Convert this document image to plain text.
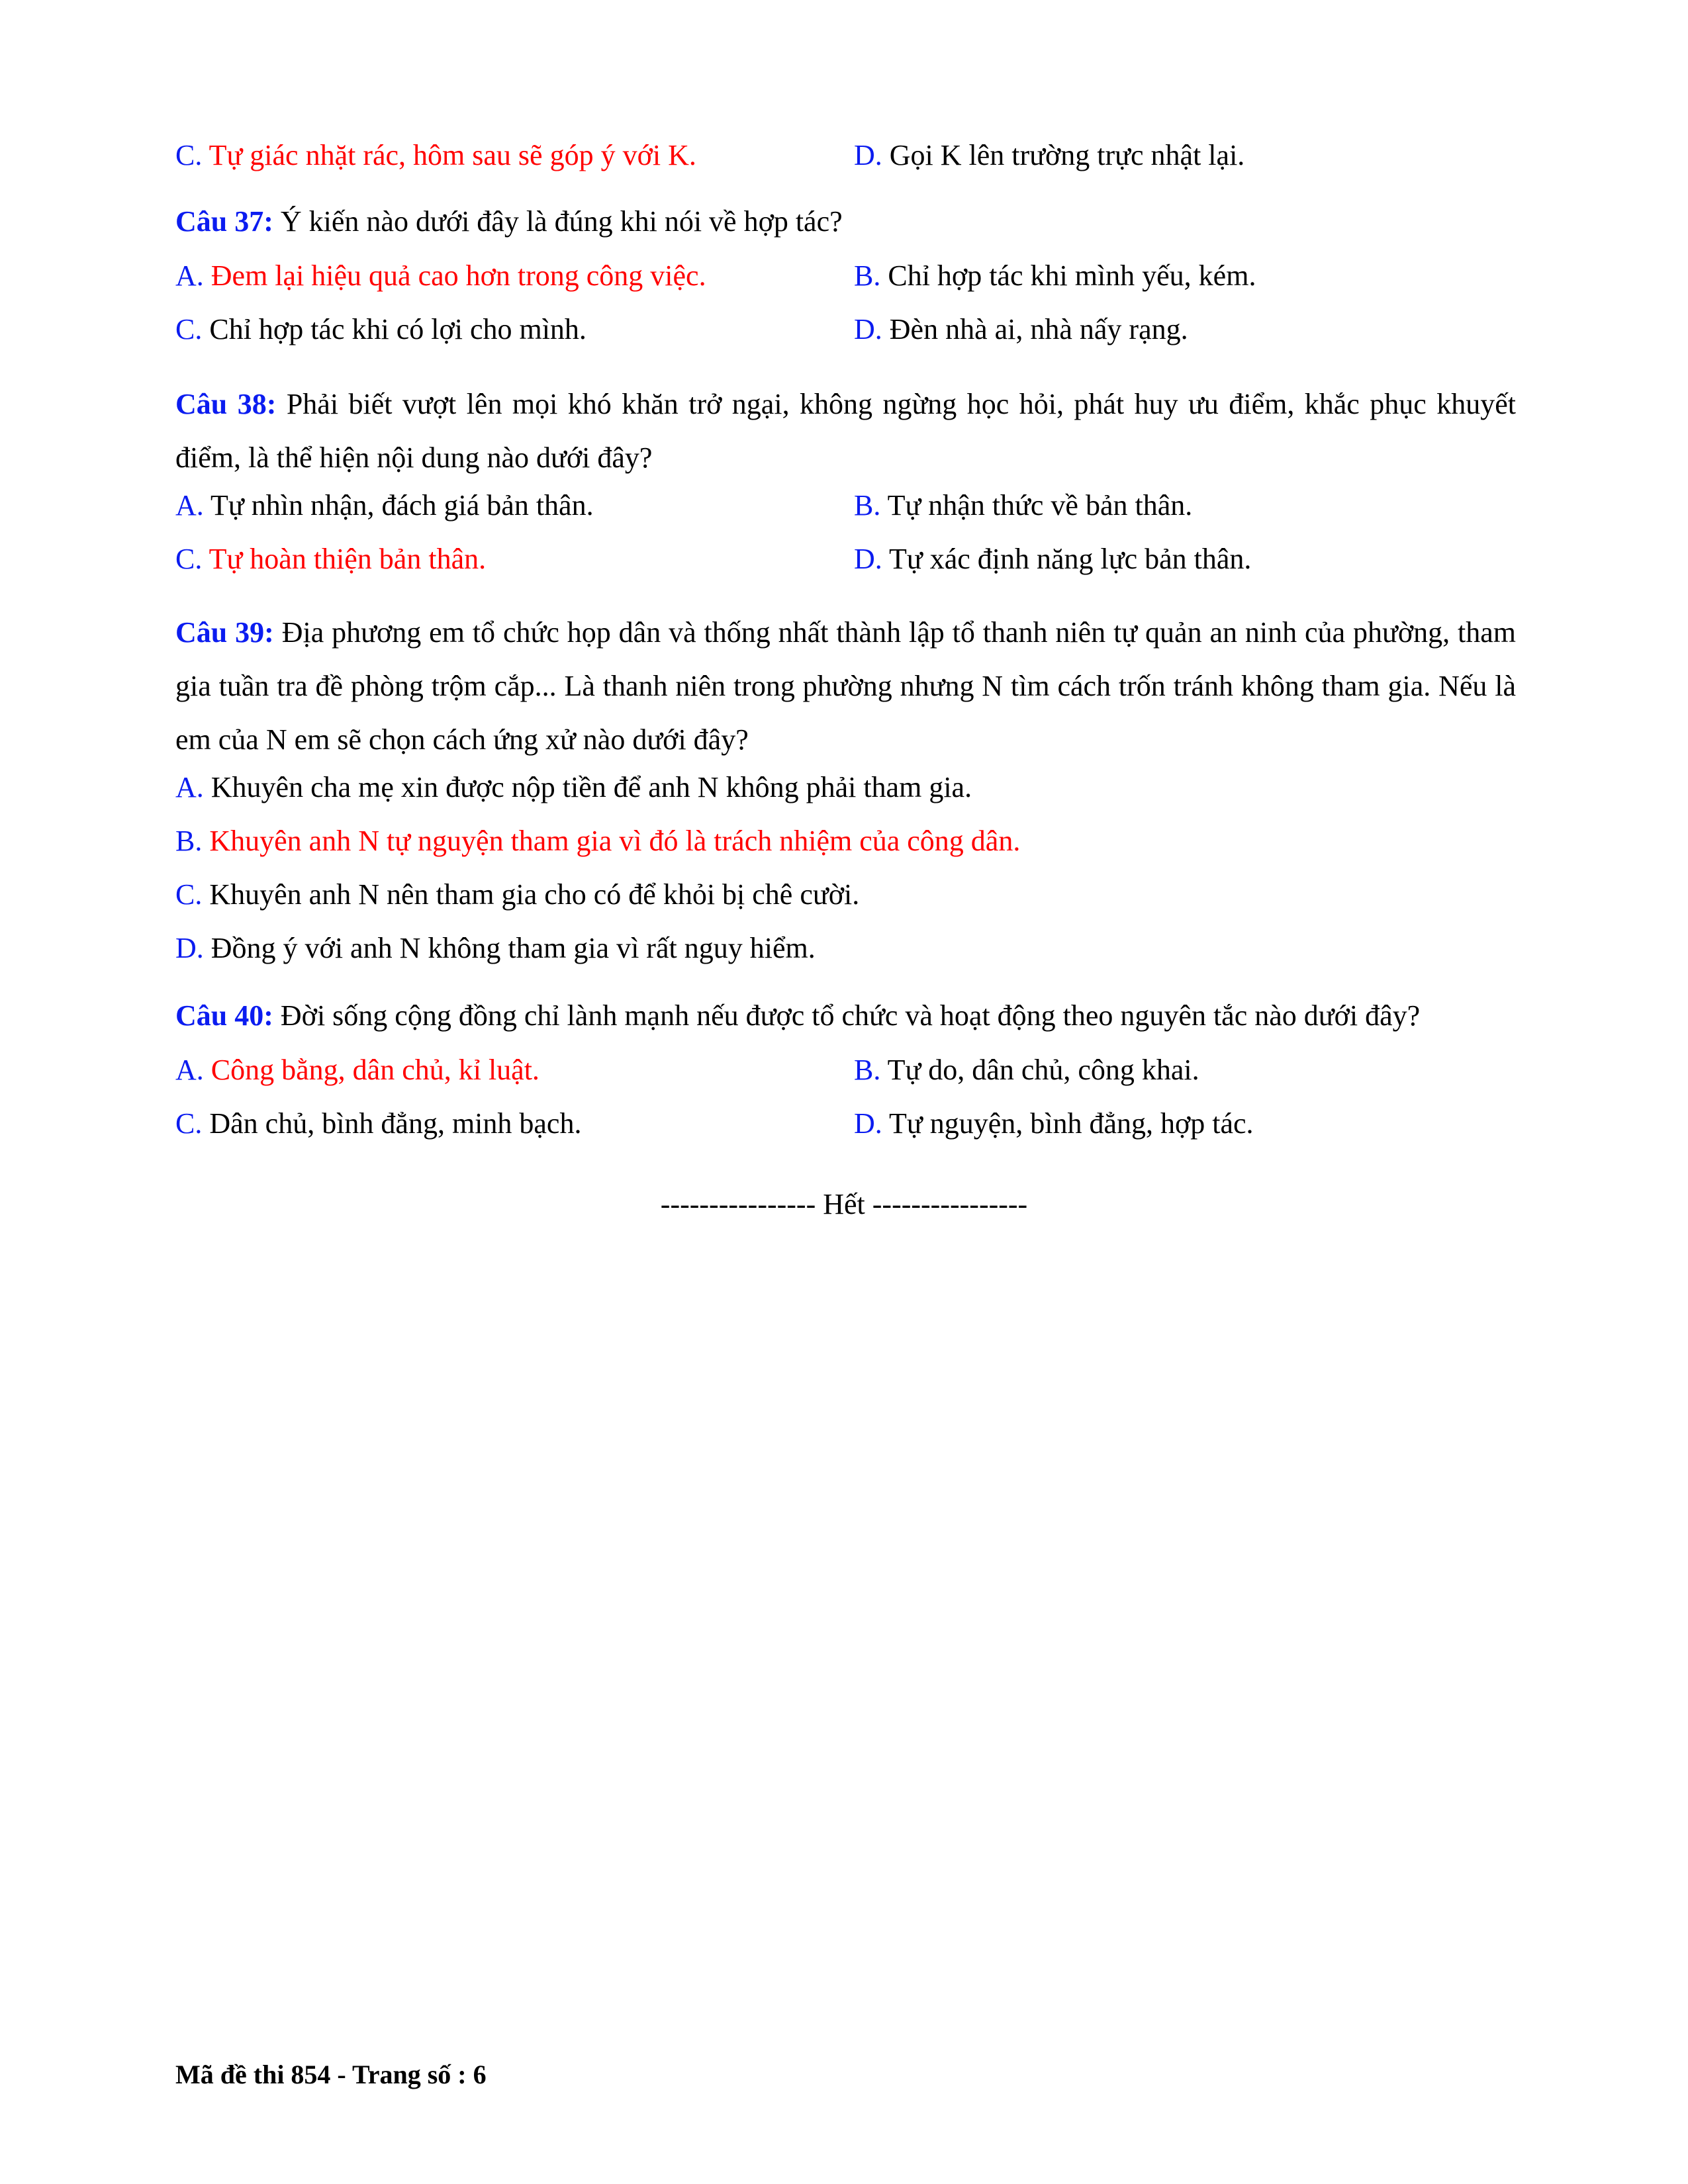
C. Tự giác nhặt rác, hôm sau sẽ góp ý với K.	D. Gọi K lên trường trực nhật lại.
Câu 37: Ý kiến nào dưới đây là đúng khi nói về hợp tác?
A. Đem lại hiệu quả cao hơn trong công việc.	B. Chỉ hợp tác khi mình yếu, kém.
C. Chỉ hợp tác khi có lợi cho mình.	D. Đèn nhà ai, nhà nấy rạng.
Câu 38: Phải biết vượt lên mọi khó khăn trở ngại, không ngừng học hỏi, phát huy ưu điểm, khắc phục khuyết điểm, là thể hiện nội dung nào dưới đây?
A. Tự nhìn nhận, đách giá bản thân.	B. Tự nhận thức về bản thân.
C. Tự hoàn thiện bản thân.	D. Tự xác định năng lực bản thân.
Câu 39: Địa phương em tổ chức họp dân và thống nhất thành lập tổ thanh niên tự quản an ninh của phường, tham gia tuần tra đề phòng trộm cắp... Là thanh niên trong phường nhưng N tìm cách trốn tránh không tham gia. Nếu là em của N em sẽ chọn cách ứng xử nào dưới đây?
A. Khuyên cha mẹ xin được nộp tiền để anh N không phải tham gia.
B. Khuyên anh N tự nguyện tham gia vì đó là trách nhiệm của công dân.
C. Khuyên anh N nên tham gia cho có để khỏi bị chê cười.
D. Đồng ý với anh N không tham gia vì rất nguy hiểm.
Câu 40: Đời sống cộng đồng chỉ lành mạnh nếu được tổ chức và hoạt động theo nguyên tắc nào dưới đây?
A. Công bằng, dân chủ, kỉ luật.	B. Tự do, dân chủ, công khai.
C. Dân chủ, bình đẳng, minh bạch.	D. Tự nguyện, bình đẳng, hợp tác.
---------------- Hết ----------------
Mã đề thi 854 - Trang số : 6
